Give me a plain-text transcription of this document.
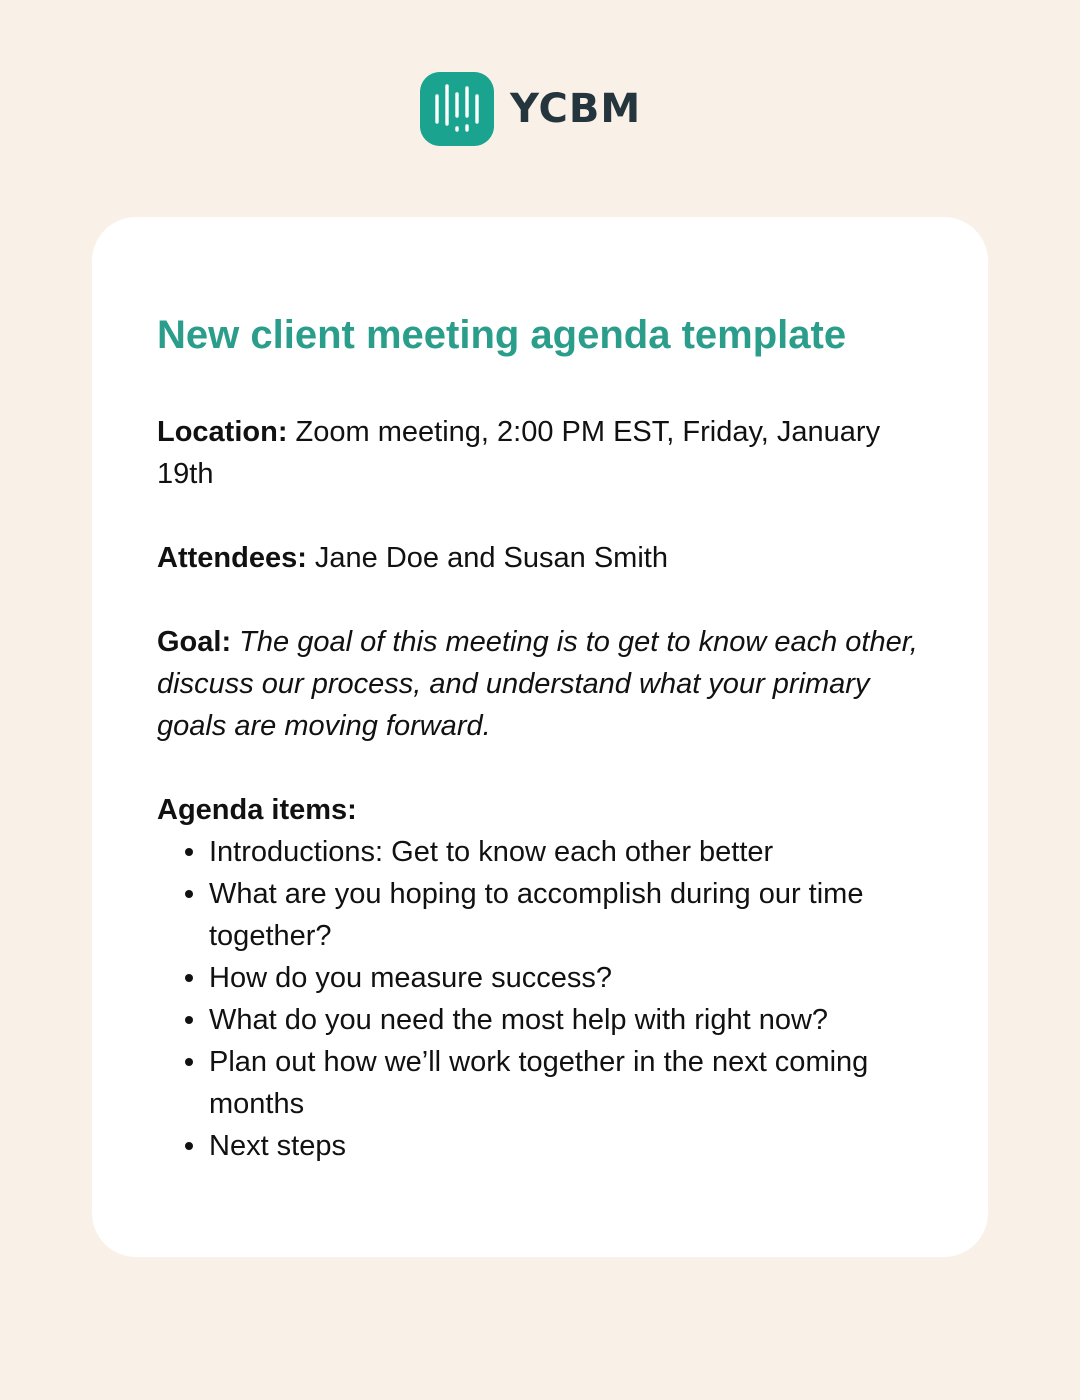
YCBM
New client meeting agenda template

Location: Zoom meeting, 2:00 PM EST, Friday, January 19th

Attendees: Jane Doe and Susan Smith

Goal: The goal of this meeting is to get to know each other, discuss our process, and understand what your primary goals are moving forward.

Agenda items:
Introductions: Get to know each other better
What are you hoping to accomplish during our time together?
How do you measure success?
What do you need the most help with right now?
Plan out how we’ll work together in the next coming months
Next steps
